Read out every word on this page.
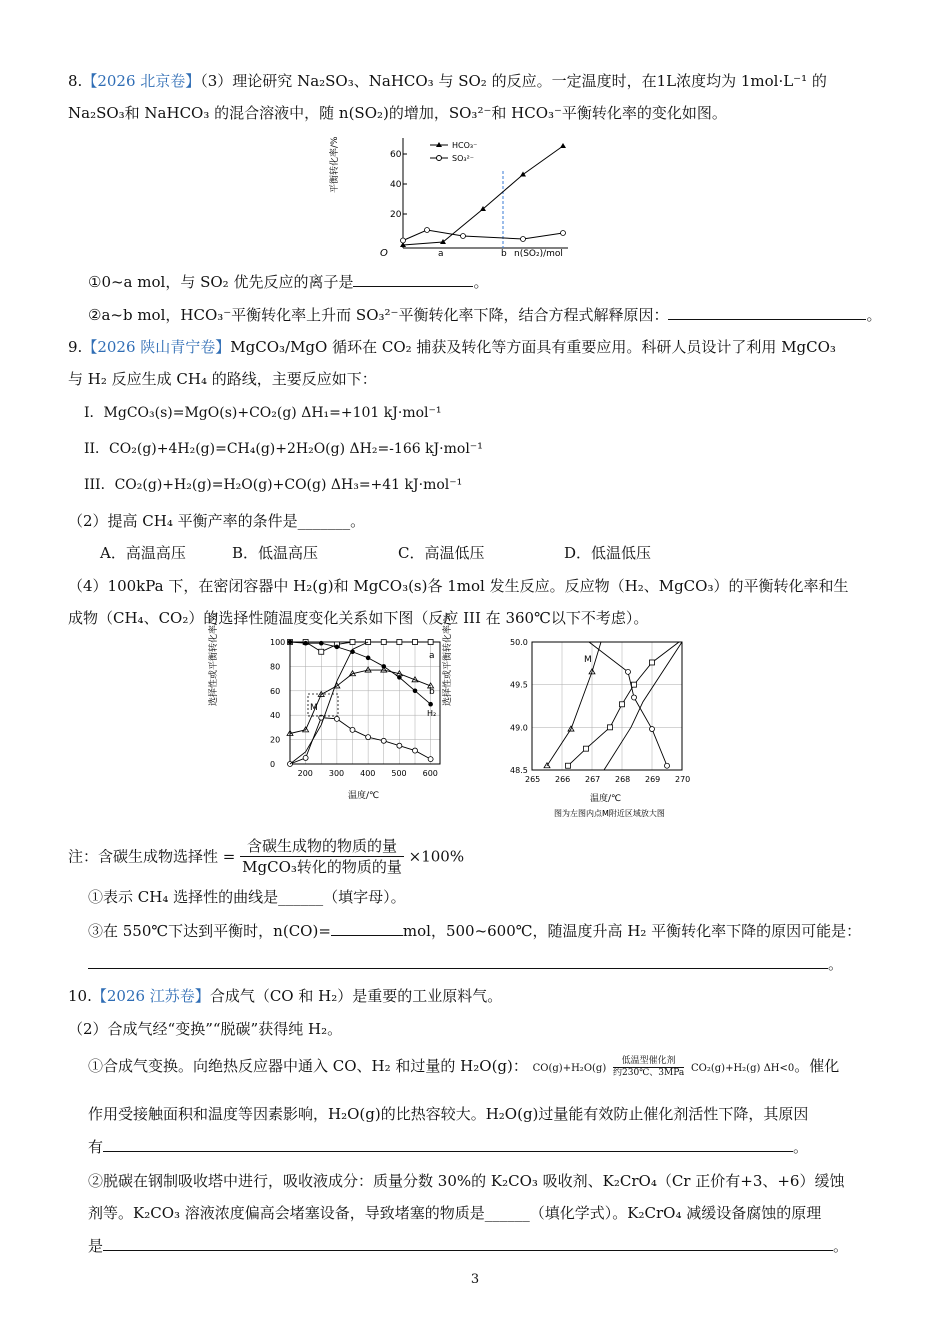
8.【2026 北京卷】（3）理论研究 Na₂SO₃、NaHCO₃ 与 SO₂ 的反应。一定温度时，在1L浓度均为 1mol·L⁻¹ 的
Na₂SO₃和 NaHCO₃ 的混合溶液中，随 n(SO₂)的增加，SO₃²⁻和 HCO₃⁻平衡转化率的变化如图。
20
40
60
O	a	b n(SO₂)/mol
平衡转化率/%	HCO₃⁻
SO₃²⁻
①0~a mol，与 SO₂ 优先反应的离子是	。
②a~b mol，HCO₃⁻平衡转化率上升而 SO₃²⁻平衡转化率下降，结合方程式解释原因：	。
9.【2026 陕山青宁卷】MgCO₃/MgO 循环在 CO₂ 捕获及转化等方面具有重要应用。科研人员设计了利用 MgCO₃
与 H₂ 反应生成 CH₄ 的路线，主要反应如下：
I．MgCO₃(s)=MgO(s)+CO₂(g) ΔH₁=+101 kJ·mol⁻¹
II．CO₂(g)+4H₂(g)=CH₄(g)+2H₂O(g) ΔH₂=-166 kJ·mol⁻¹
III．CO₂(g)+H₂(g)=H₂O(g)+CO(g) ΔH₃=+41 kJ·mol⁻¹
（2）提高 CH₄ 平衡产率的条件是_______。
A．高温高压	B．低温高压	C．高温低压	D．低温低压
（4）100kPa 下，在密闭容器中 H₂(g)和 MgCO₃(s)各 1mol 发生反应。反应物（H₂、MgCO₃）的平衡转化率和生
成物（CH₄、CO₂）的选择性随温度变化关系如下图（反应 III 在 360℃以下不考虑）。
0
20
40
60
80
100
200 300 400 500 600
选择性或平衡转化率/%
温度/℃
M
a
b
H₂
48.5
49.0
49.5
50.0
265 266 267 268 269 270
选择性或平衡转化率/%
温度/℃
图为左图内点M附近区域放大图
M
注：含碳生成物选择性 = $\frac{\text{含碳生成物的物质的量}}{\text{MgCO₃转化的物质的量}} \times 100\%$
①表示 CH₄ 选择性的曲线是______（填字母）。
③在 550℃下达到平衡时，n(CO)=	mol，500~600℃，随温度升高 H₂ 平衡转化率下降的原因可能是：
。
10.【2026 江苏卷】合成气（CO 和 H₂）是重要的工业原料气。
（2）合成气经“变换”“脱碳”获得纯 H₂。
①合成气变换。向绝热反应器中通入 CO、H₂ 和过量的 H₂O(g)： CO(g)+H₂O(g)
低温型催化剂
约230℃、3MPa CO₂(g)+H₂(g) ΔH<0。催化
作用受接触面积和温度等因素影响，H₂O(g)的比热容较大。H₂O(g)过量能有效防止催化剂活性下降，其原因
有	。
②脱碳在钢制吸收塔中进行，吸收液成分：质量分数 30%的 K₂CO₃ 吸收剂、K₂CrO₄（Cr 正价有+3、+6）缓蚀
剂等。K₂CO₃ 溶液浓度偏高会堵塞设备，导致堵塞的物质是______（填化学式）。K₂CrO₄ 减缓设备腐蚀的原理
是	。
3
